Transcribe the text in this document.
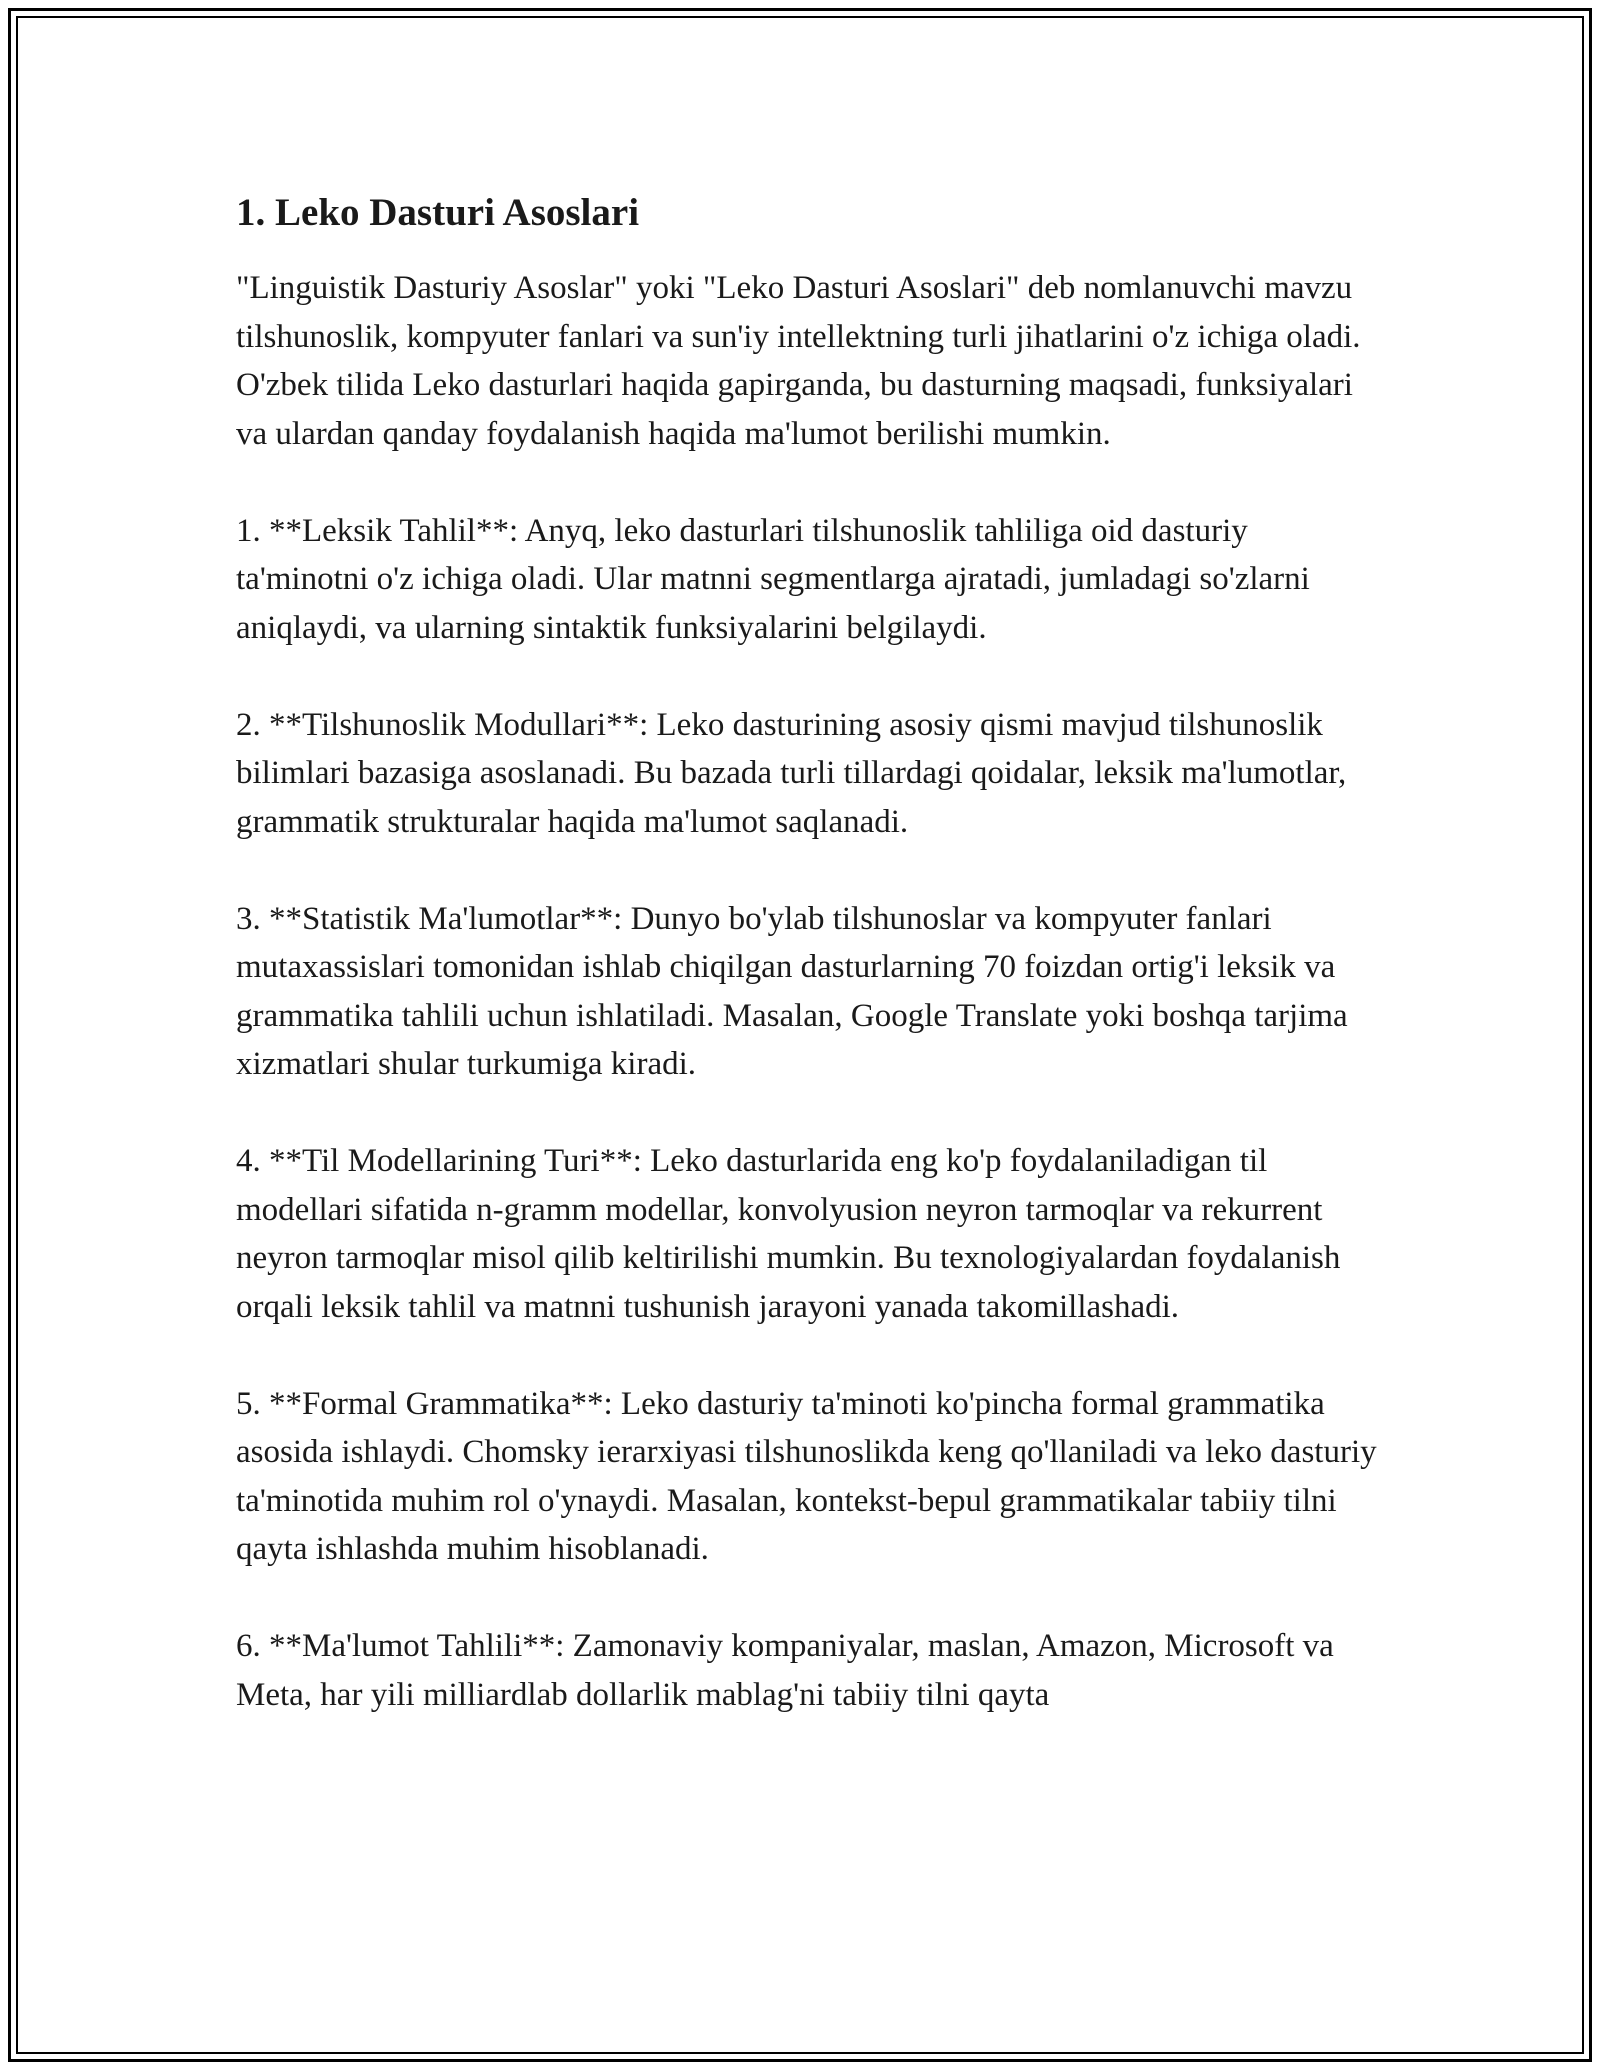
1. Leko Dasturi Asoslari

"Linguistik Dasturiy Asoslar" yoki "Leko Dasturi Asoslari" deb nomlanuvchi mavzu tilshunoslik, kompyuter fanlari va sun'iy intellektning turli jihatlarini o'z ichiga oladi. O'zbek tilida Leko dasturlari haqida gapirganda, bu dasturning maqsadi, funksiyalari va ulardan qanday foydalanish haqida ma'lumot berilishi mumkin.

1. **Leksik Tahlil**: Anyq, leko dasturlari tilshunoslik tahliliga oid dasturiy ta'minotni o'z ichiga oladi. Ular matnni segmentlarga ajratadi, jumladagi so'zlarni aniqlaydi, va ularning sintaktik funksiyalarini belgilaydi.

2. **Tilshunoslik Modullari**: Leko dasturining asosiy qismi mavjud tilshunoslik bilimlari bazasiga asoslanadi. Bu bazada turli tillardagi qoidalar, leksik ma'lumotlar, grammatik strukturalar haqida ma'lumot saqlanadi.

3. **Statistik Ma'lumotlar**: Dunyo bo'ylab tilshunoslar va kompyuter fanlari mutaxassislari tomonidan ishlab chiqilgan dasturlarning 70 foizdan ortig'i leksik va grammatika tahlili uchun ishlatiladi. Masalan, Google Translate yoki boshqa tarjima xizmatlari shular turkumiga kiradi.

4. **Til Modellarining Turi**: Leko dasturlarida eng ko'p foydalaniladigan til modellari sifatida n-gramm modellar, konvolyusion neyron tarmoqlar va rekurrent neyron tarmoqlar misol qilib keltirilishi mumkin. Bu texnologiyalardan foydalanish orqali leksik tahlil va matnni tushunish jarayoni yanada takomillashadi.

5. **Formal Grammatika**: Leko dasturiy ta'minoti ko'pincha formal grammatika asosida ishlaydi. Chomsky ierarxiyasi tilshunoslikda keng qo'llaniladi va leko dasturiy ta'minotida muhim rol o'ynaydi. Masalan, kontekst-bepul grammatikalar tabiiy tilni qayta ishlashda muhim hisoblanadi.

6. **Ma'lumot Tahlili**: Zamonaviy kompaniyalar, maslan, Amazon, Microsoft va Meta, har yili milliardlab dollarlik mablag'ni tabiiy tilni qayta
